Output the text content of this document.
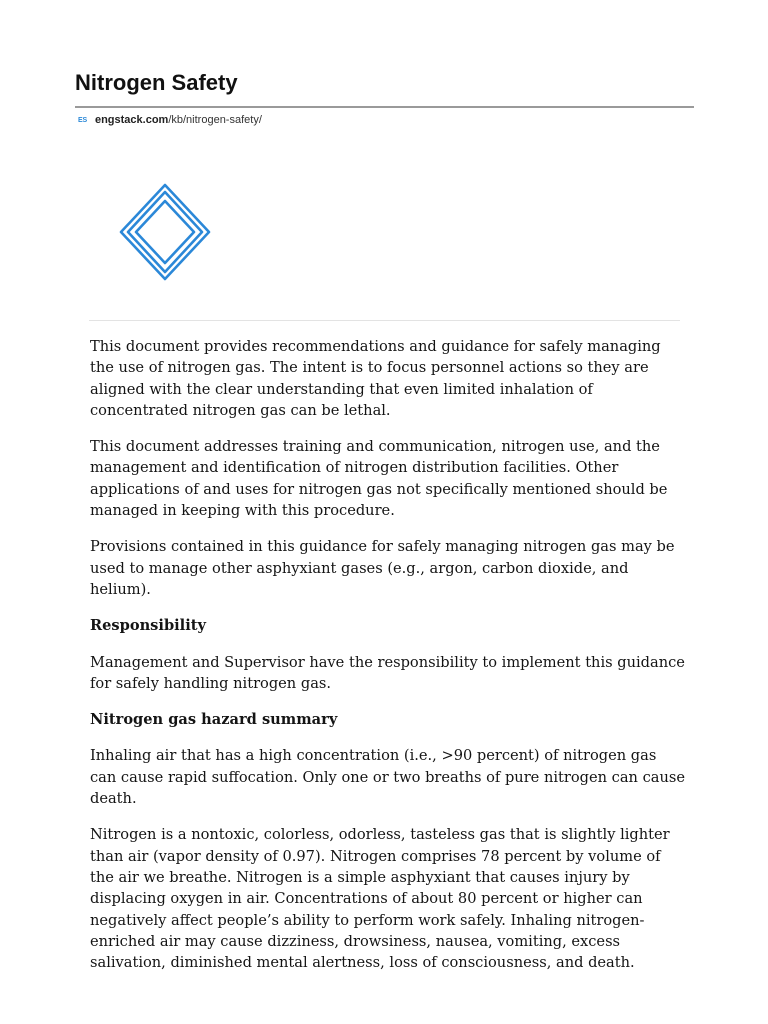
Nitrogen Safety
ES engstack.com /kb/nitrogen-safety/

This document provides recommendations and guidance for safely managing the use of nitrogen gas. The intent is to focus personnel actions so they are aligned with the clear understanding that even limited inhalation of concentrated nitrogen gas can be lethal.

This document addresses training and communication, nitrogen use, and the management and identification of nitrogen distribution facilities. Other applications of and uses for nitrogen gas not specifically mentioned should be managed in keeping with this procedure.

Provisions contained in this guidance for safely managing nitrogen gas may be used to manage other asphyxiant gases (e.g., argon, carbon dioxide, and helium).

Responsibility

Management and Supervisor have the responsibility to implement this guidance for safely handling nitrogen gas.

Nitrogen gas hazard summary

Inhaling air that has a high concentration (i.e., >90 percent) of nitrogen gas can cause rapid suffocation. Only one or two breaths of pure nitrogen can cause death.

Nitrogen is a nontoxic, colorless, odorless, tasteless gas that is slightly lighter than air (vapor density of 0.97). Nitrogen comprises 78 percent by volume of the air we breathe. Nitrogen is a simple asphyxiant that causes injury by displacing oxygen in air. Concentrations of about 80 percent or higher can negatively affect people’s ability to perform work safely. Inhaling nitrogen-enriched air may cause dizziness, drowsiness, nausea, vomiting, excess salivation, diminished mental alertness, loss of consciousness, and death.
